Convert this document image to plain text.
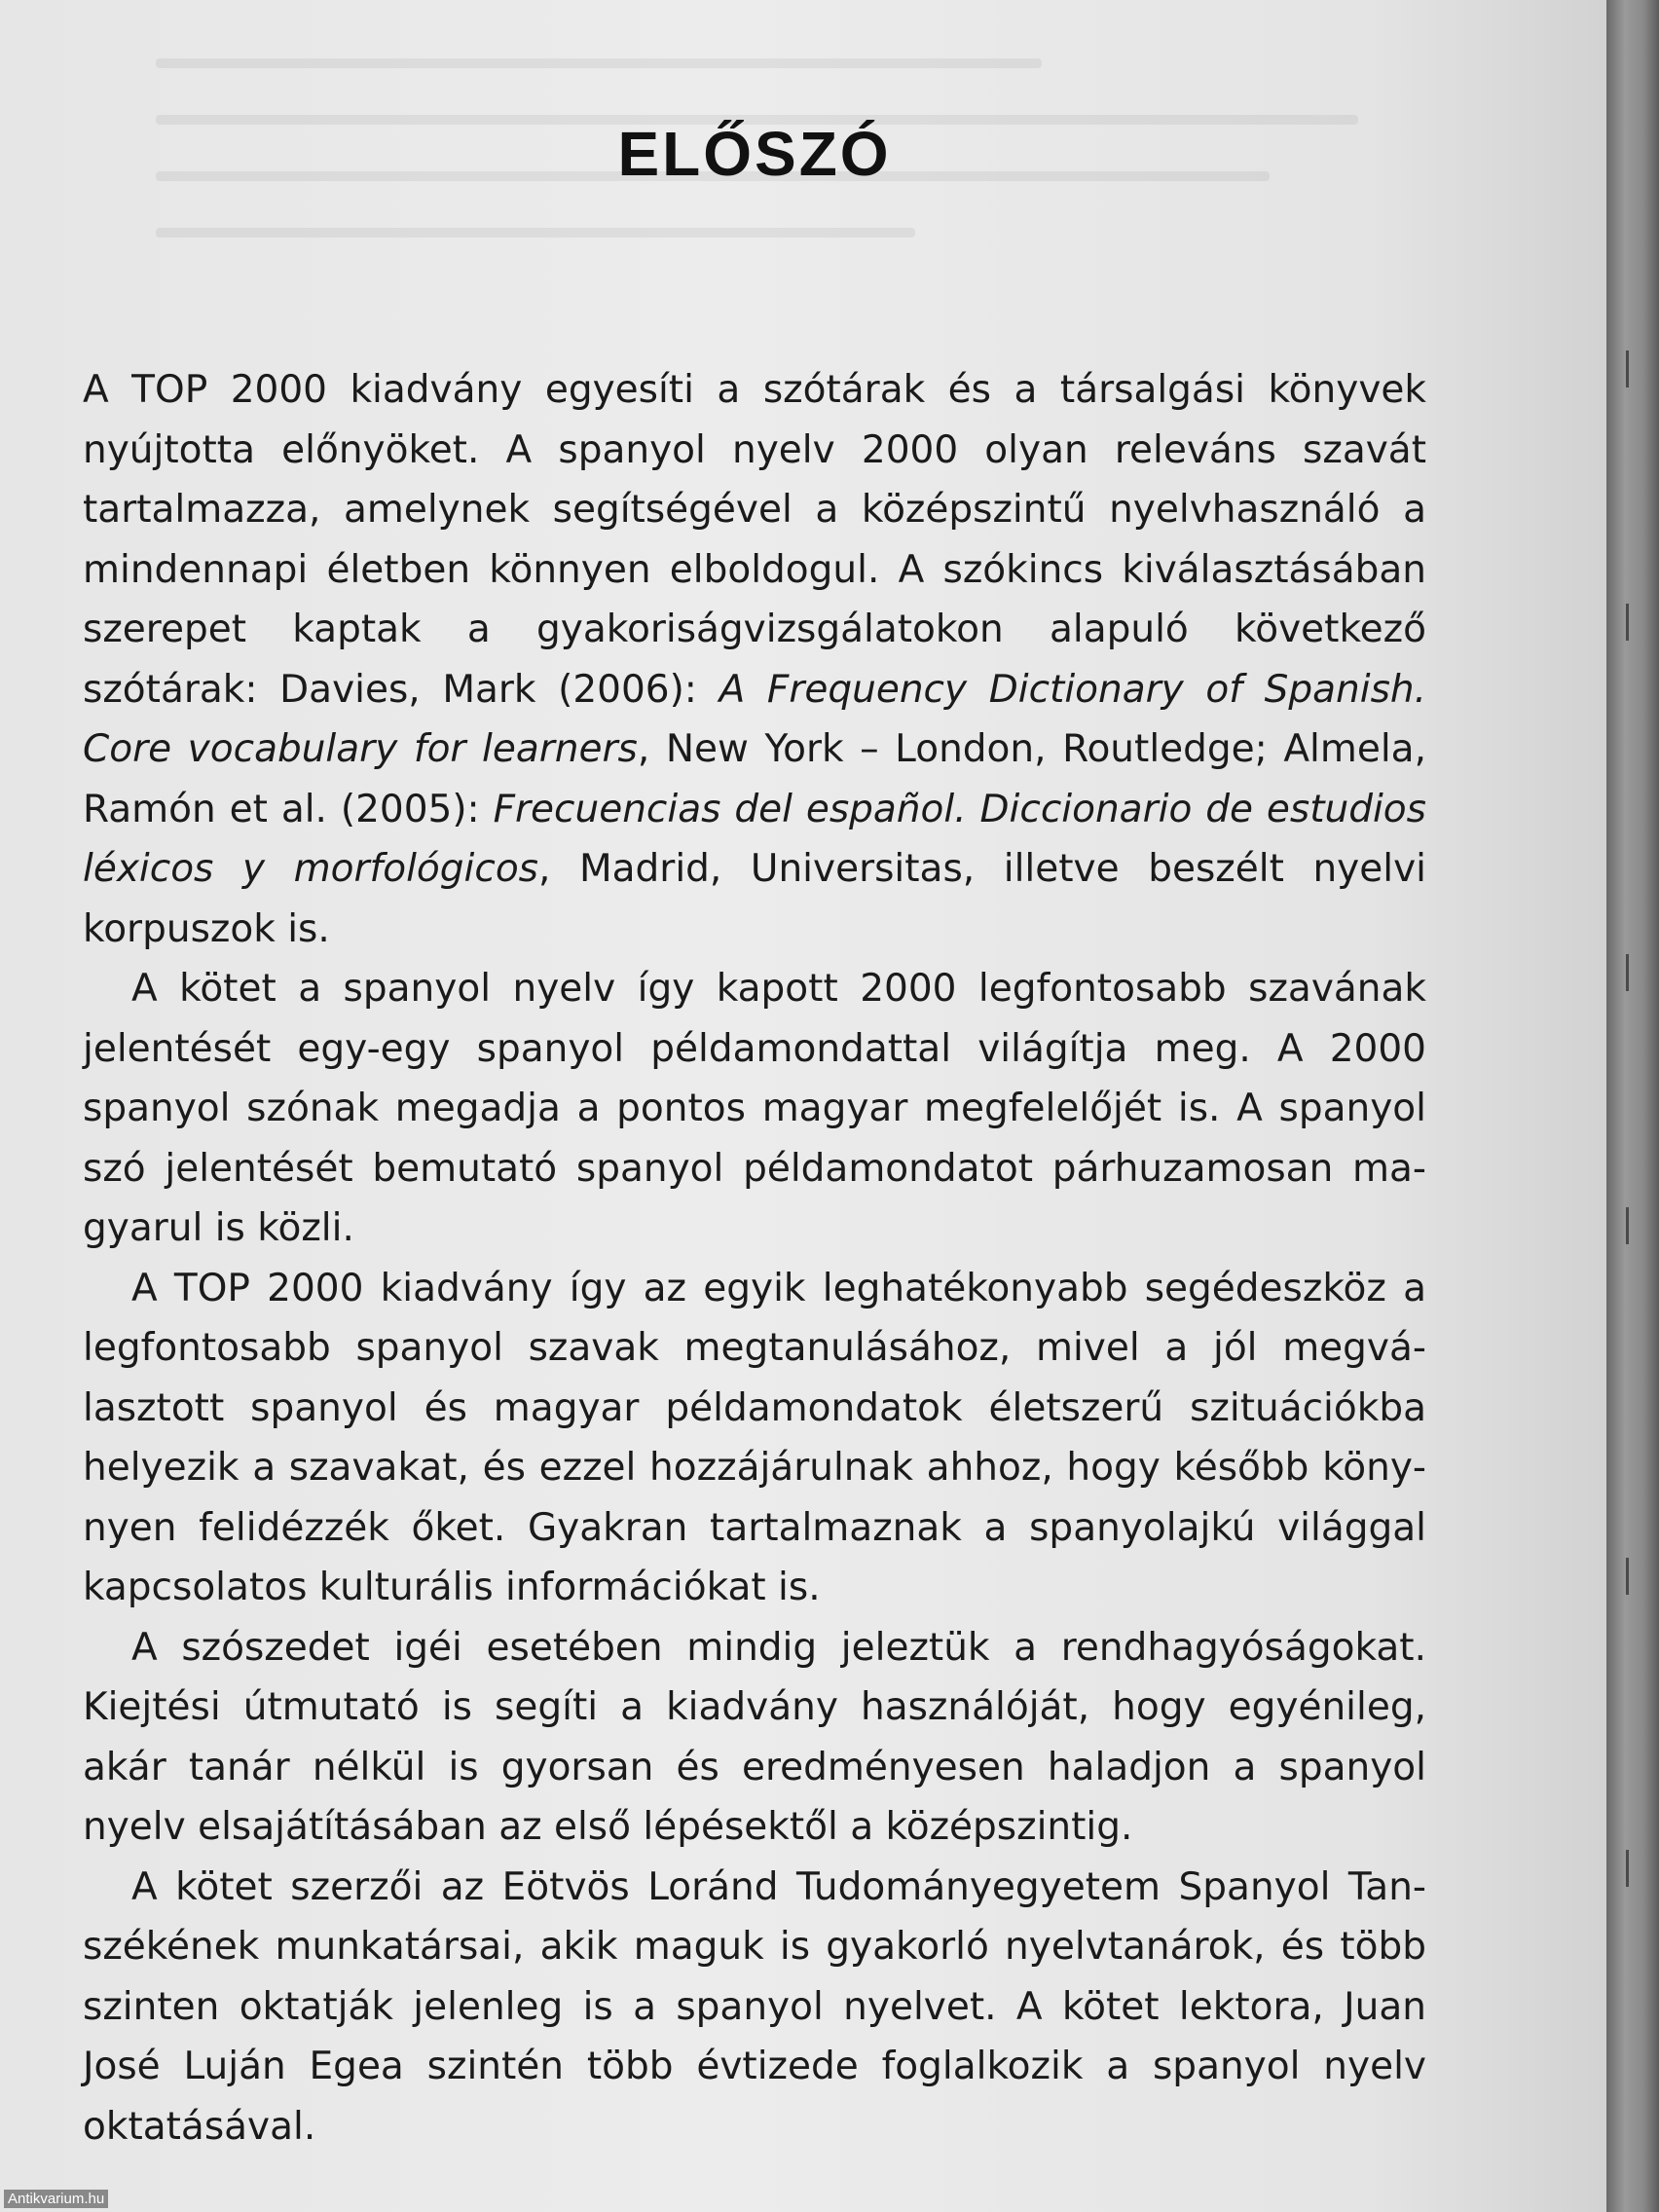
ELŐSZÓ

A TOP 2000 kiadvány egyesíti a szótárak és a társalgási könyvek nyújtotta előnyöket. A spanyol nyelv 2000 olyan releváns szavát tartalmazza, amelynek segítségével a középszintű nyelvhasználó a mindennapi életben könnyen elboldogul. A szókincs kiválasztásában szerepet kaptak a gyakoriságvizsgálatokon alapuló következő szótárak: Davies, Mark (2006): A Frequency Dictionary of Spanish. Core vocabulary for learners, New York – London, Routledge; Almela, Ramón et al. (2005): Frecuencias del español. Diccionario de estudios léxicos y morfológicos, Madrid, Universitas, illetve beszélt nyelvi korpuszok is.

A kötet a spanyol nyelv így kapott 2000 legfontosabb szavának jelentését egy-egy spanyol példamondattal világítja meg. A 2000 spanyol szónak megadja a pontos magyar megfelelőjét is. A spanyol szó jelentését bemutató spanyol példamondatot párhuzamosan magyarul is közli.

A TOP 2000 kiadvány így az egyik leghatékonyabb segédeszköz a legfontosabb spanyol szavak megtanulásához, mivel a jól megválasztott spanyol és magyar példamondatok életszerű szituációkba helyezik a szavakat, és ezzel hozzájárulnak ahhoz, hogy később könynyen felidézzék őket. Gyakran tartalmaznak a spanyolajkú világgal kapcsolatos kulturális információkat is.

A szószedet igéi esetében mindig jeleztük a rendhagyóságokat. Kiejtési útmutató is segíti a kiadvány használóját, hogy egyénileg, akár tanár nélkül is gyorsan és eredményesen haladjon a spanyol nyelv elsajátításában az első lépésektől a középszintig.

A kötet szerzői az Eötvös Loránd Tudományegyetem Spanyol Tanszékének munkatársai, akik maguk is gyakorló nyelvtanárok, és több szinten oktatják jelenleg is a spanyol nyelvet. A kötet lektora, Juan José Luján Egea szintén több évtizede foglalkozik a spanyol nyelv oktatásával.

Antikvarium.hu
